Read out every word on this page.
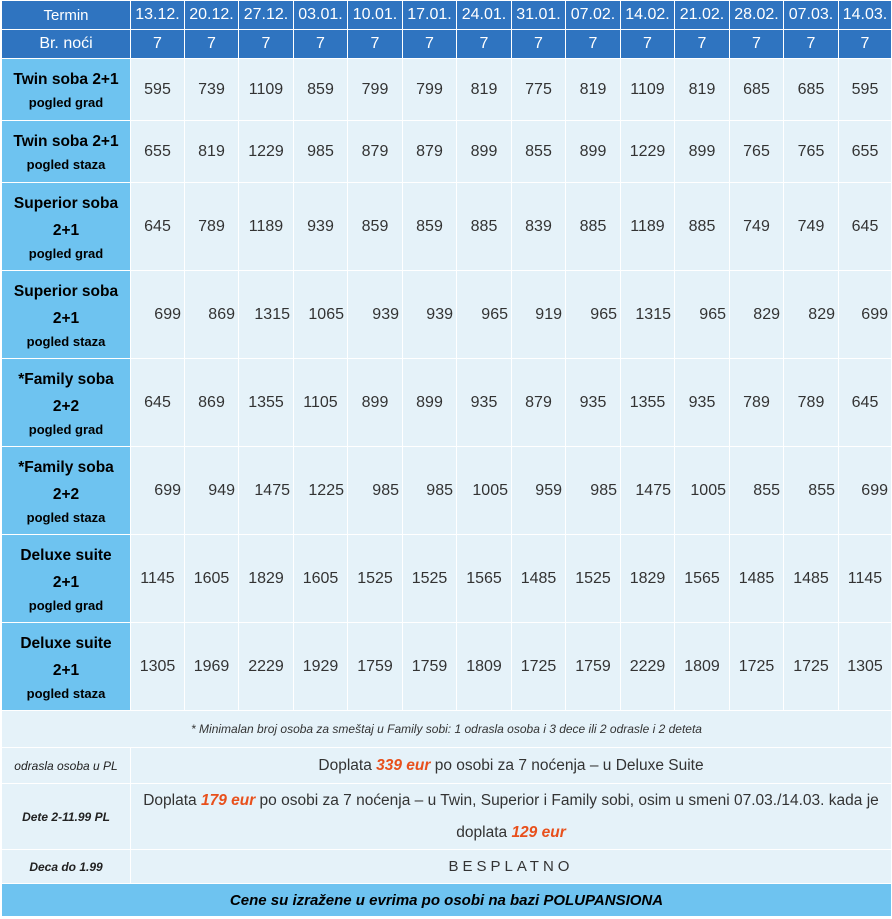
Termin	13.12.	20.12.	27.12.	03.01.	10.01.	17.01.	24.01.	31.01.	07.02.	14.02.	21.02.	28.02.	07.03.	14.03.
Br. noći	7	7	7	7	7	7	7	7	7	7	7	7	7	7

Twin soba 2+1
pogled grad	595	739	1109	859	799	799	819	775	819	1109	819	685	685	595

Twin soba 2+1
pogled staza	655	819	1229	985	879	879	899	855	899	1229	899	765	765	655

Superior soba
2+1
pogled grad	645	789	1189	939	859	859	885	839	885	1189	885	749	749	645

Superior soba
2+1
pogled staza	699	869	1315	1065	939	939	965	919	965	1315	965	829	829	699

*Family soba
2+2
pogled grad	645	869	1355	1105	899	899	935	879	935	1355	935	789	789	645

*Family soba
2+2
pogled staza	699	949	1475	1225	985	985	1005	959	985	1475	1005	855	855	699

Deluxe suite
2+1
pogled grad	1145	1605	1829	1605	1525	1525	1565	1485	1525	1829	1565	1485	1485	1145

Deluxe suite
2+1
pogled staza	1305	1969	2229	1929	1759	1759	1809	1725	1759	2229	1809	1725	1725	1305
* Minimalan broj osoba za smeštaj u Family sobi: 1 odrasla osoba i 3 dece ili 2 odrasle i 2 deteta														
odrasla osoba u PL	Doplata 339 eur po osobi za 7 noćenja – u Deluxe Suite													
Dete 2-11.99 PL	Doplata 179 eur po osobi za 7 noćenja – u Twin, Superior i Family sobi, osim u smeni 07.03./14.03. kada je doplata 129 eur													
Deca do 1.99	BESPLATNO													
Cene su izražene u evrima po osobi na bazi POLUPANSIONA														
